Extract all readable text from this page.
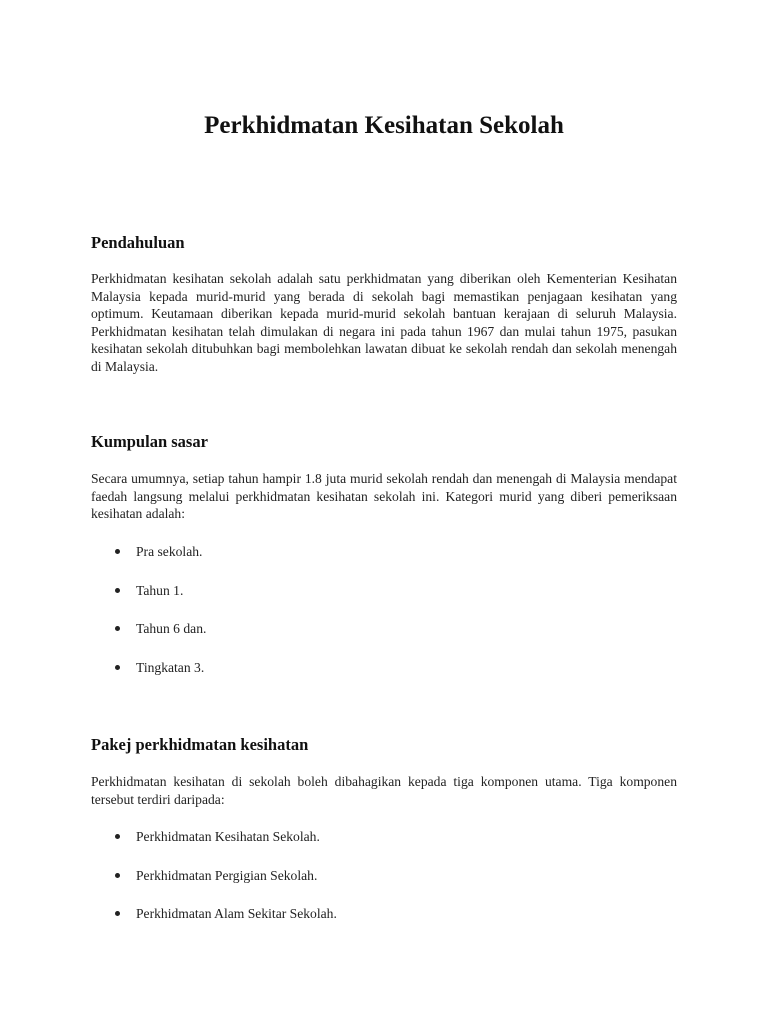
Perkhidmatan Kesihatan Sekolah
Pendahuluan

Perkhidmatan kesihatan sekolah adalah satu perkhidmatan yang diberikan oleh Kementerian Kesihatan Malaysia kepada murid-murid yang berada di sekolah bagi memastikan penjagaan kesihatan yang optimum. Keutamaan diberikan kepada murid-murid sekolah bantuan kerajaan di seluruh Malaysia. Perkhidmatan kesihatan telah dimulakan di negara ini pada tahun 1967 dan mulai tahun 1975, pasukan kesihatan sekolah ditubuhkan bagi membolehkan lawatan dibuat ke sekolah rendah dan sekolah menengah di Malaysia.

Kumpulan sasar

Secara umumnya, setiap tahun hampir 1.8 juta murid sekolah rendah dan menengah di Malaysia mendapat faedah langsung melalui perkhidmatan kesihatan sekolah ini. Kategori murid yang diberi pemeriksaan kesihatan adalah:

Pra sekolah.
Tahun 1.
Tahun 6 dan.
Tingkatan 3.
Pakej perkhidmatan kesihatan

Perkhidmatan kesihatan di sekolah boleh dibahagikan kepada tiga komponen utama. Tiga komponen tersebut terdiri daripada:

Perkhidmatan Kesihatan Sekolah.
Perkhidmatan Pergigian Sekolah.
Perkhidmatan Alam Sekitar Sekolah.
